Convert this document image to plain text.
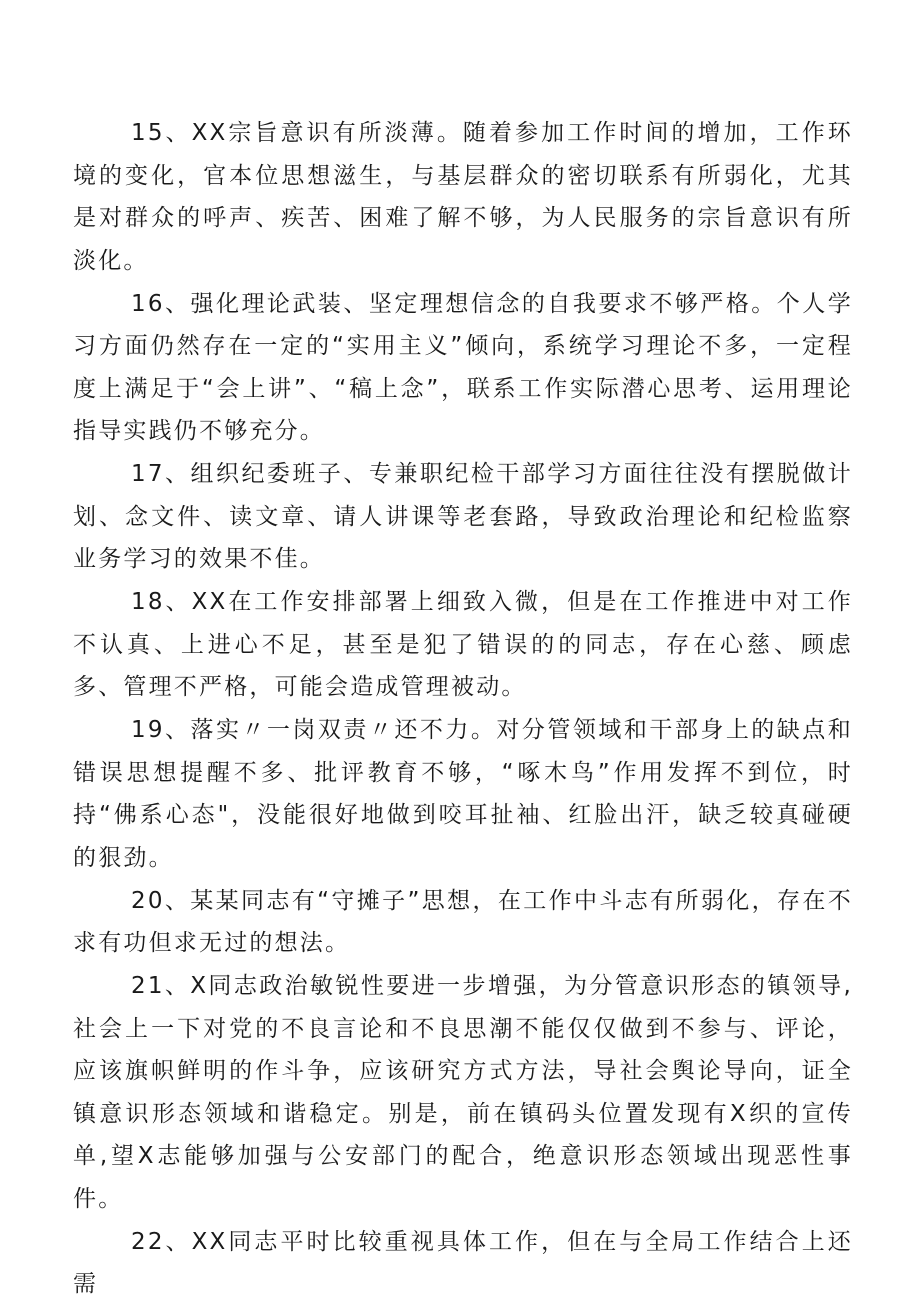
15、XX宗旨意识有所淡薄。随着参加工作时间的增加，工作环境的变化，官本位思想滋生，与基层群众的密切联系有所弱化，尤其是对群众的呼声、疾苦、困难了解不够，为人民服务的宗旨意识有所淡化。

16、强化理论武装、坚定理想信念的自我要求不够严格。个人学习方面仍然存在一定的“实用主义”倾向，系统学习理论不多，一定程度上满足于“会上讲”、“稿上念”，联系工作实际潜心思考、运用理论指导实践仍不够充分。

17、组织纪委班子、专兼职纪检干部学习方面往往没有摆脱做计划、念文件、读文章、请人讲课等老套路，导致政治理论和纪检监察业务学习的效果不佳。

18、XX在工作安排部署上细致入微，但是在工作推进中对工作不认真、上进心不足，甚至是犯了错误的的同志，存在心慈、顾虑多、管理不严格，可能会造成管理被动。

19、落实〃一岗双责〃还不力。对分管领域和干部身上的缺点和错误思想提醒不多、批评教育不够，“啄木鸟”作用发挥不到位，时持“佛系心态"，没能很好地做到咬耳扯袖、红脸出汗，缺乏较真碰硬的狠劲。

20、某某同志有“守摊子”思想，在工作中斗志有所弱化，存在不求有功但求无过的想法。

21、X同志政治敏锐性要进一步增强，为分管意识形态的镇领导,社会上一下对党的不良言论和不良思潮不能仅仅做到不参与、评论，应该旗帜鲜明的作斗争，应该研究方式方法，导社会舆论导向，证全镇意识形态领域和谐稳定。别是，前在镇码头位置发现有X织的宣传单,望X志能够加强与公安部门的配合，绝意识形态领域出现恶性事件。

22、XX同志平时比较重视具体工作，但在与全局工作结合上还需
